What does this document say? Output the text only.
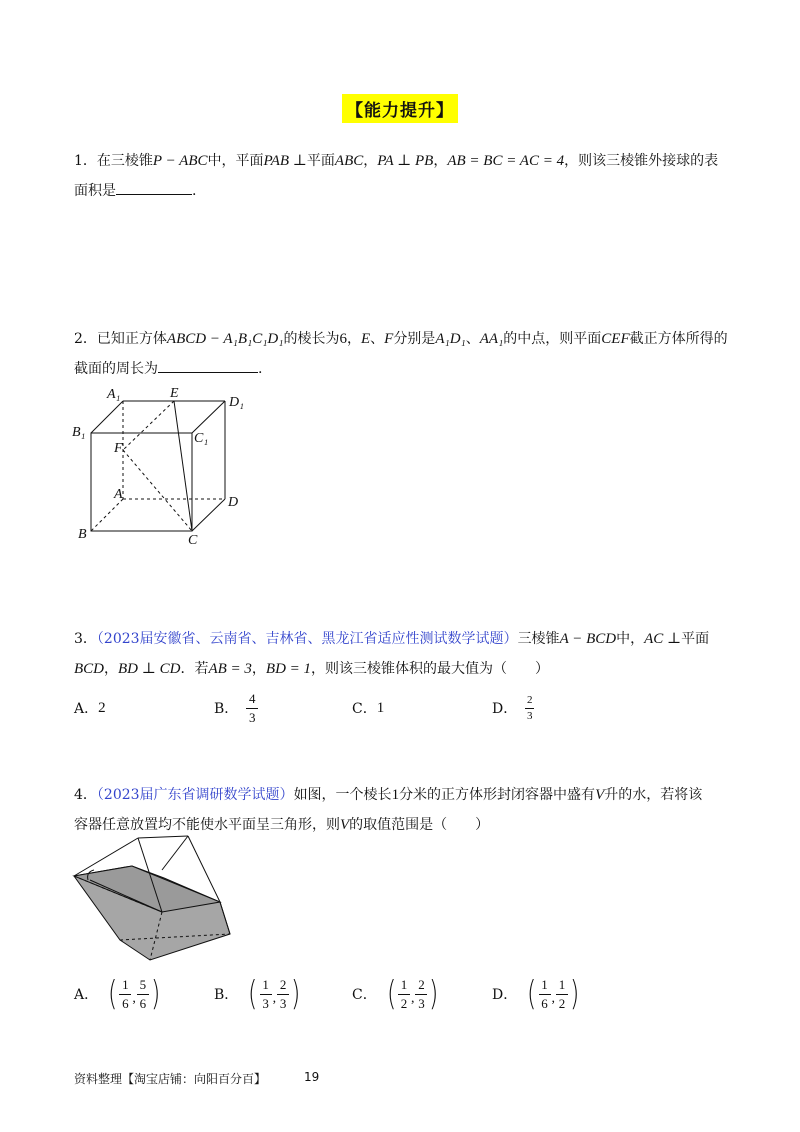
【能力提升】
1．在三棱锥P − ABC中，平面PAB ⊥平面ABC，PA ⊥ PB，AB = BC = AC = 4，则该三棱锥外接球的表
面积是	.
2．已知正方体ABCD − A₁B₁C₁D₁的棱长为6，E、F分别是A₁D₁、AA₁的中点，则平面CEF截正方体所得的
截面的周长为	.
A₁	E
D₁
B₁	C₁
F
A
D
B	C
3．（2023届安徽省、云南省、吉林省、黑龙江省适应性测试数学试题）三棱锥A − BCD中，AC ⊥平面
BCD，BD ⊥ CD．若AB = 3，BD = 1，则该三棱锥体积的最大值为（　　）
A． 2	B． $\frac{4}{3}$	C． 1	D． $\frac{2}{3}$
4．（2023届广东省调研数学试题）如图，一个棱长1分米的正方体形封闭容器中盛有V升的水，若将该
容器任意放置均不能使水平面呈三角形，则V的取值范围是（　　）
A． ( $\frac{1}{6}$ , $\frac{5}{6}$ )	B． ( $\frac{1}{3}$ , $\frac{2}{3}$ )	C． ( $\frac{1}{2}$ , $\frac{2}{3}$ )	D． ( $\frac{1}{6}$ , $\frac{1}{2}$ )
资料整理【淘宝店铺：向阳百分百】	19
